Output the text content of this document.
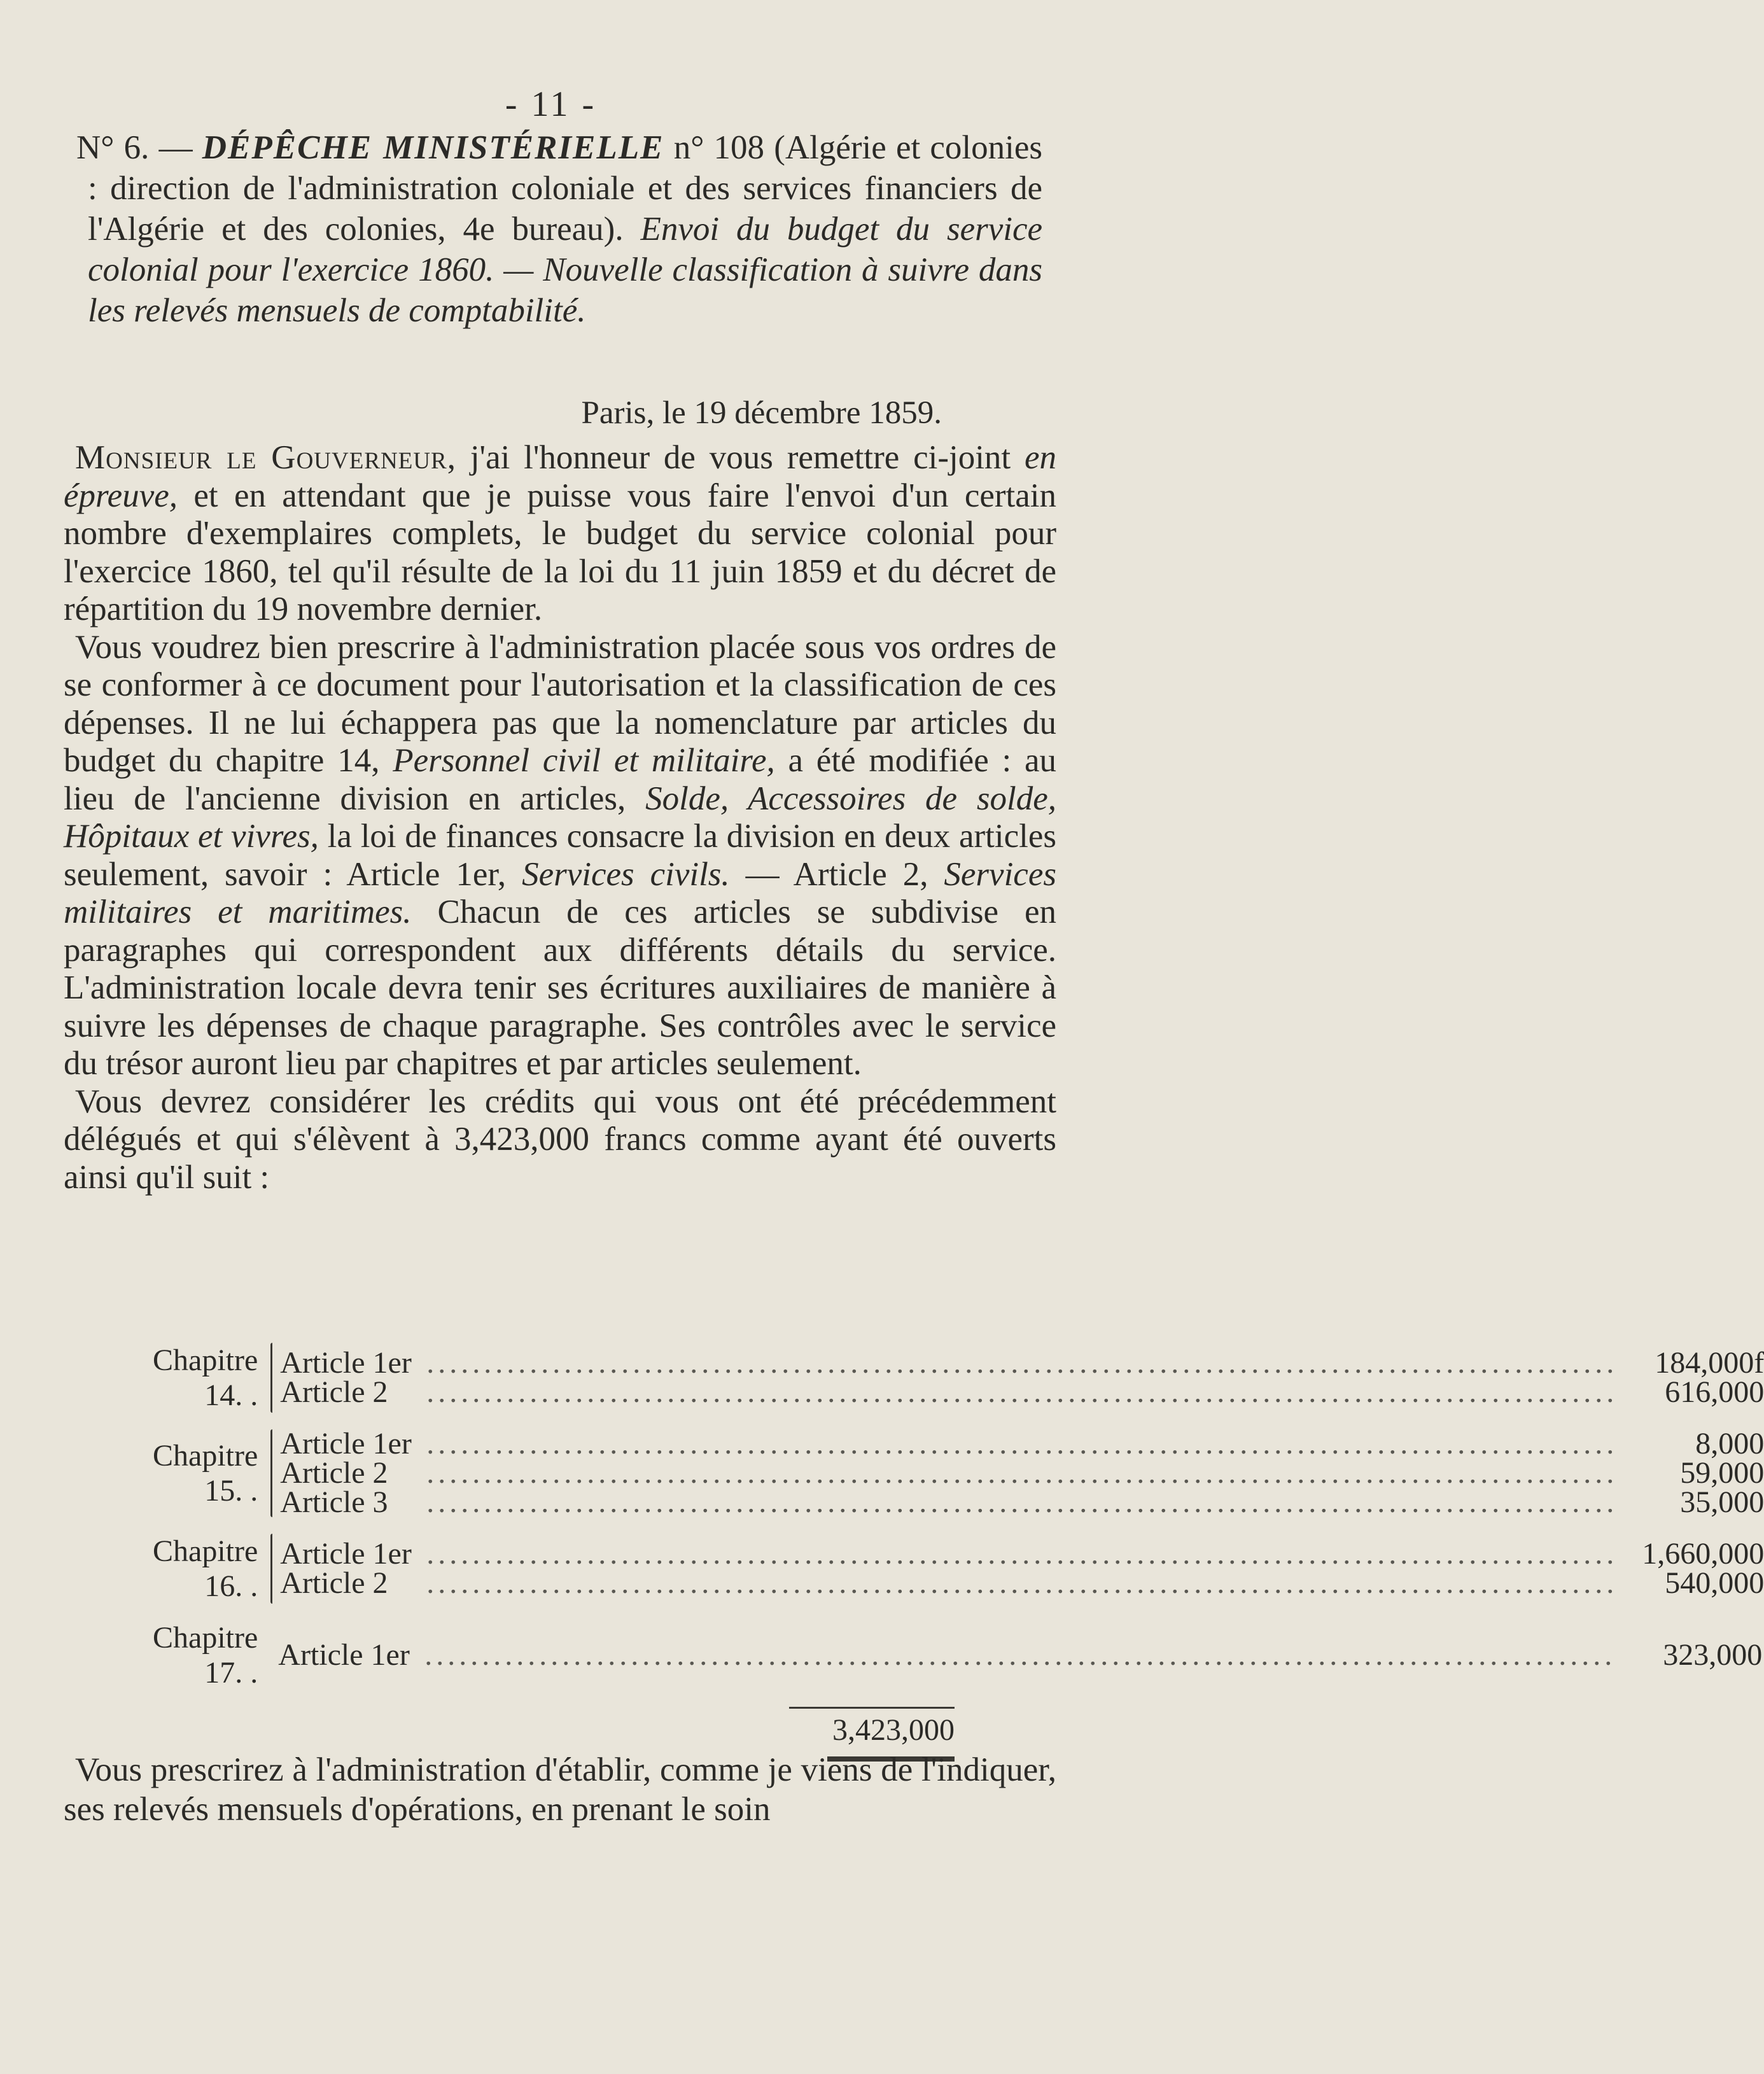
- 11 -
N° 6. — DÉPÊCHE MINISTÉRIELLE n° 108 (Algérie et colonies : direction de l'administration coloniale et des services financiers de l'Algérie et des colonies, 4e bureau). Envoi du budget du service colonial pour l'exercice 1860. — Nouvelle classification à suivre dans les relevés mensuels de comptabilité.
Paris, le 19 décembre 1859.

Monsieur le Gouverneur, j'ai l'honneur de vous remettre ci-joint en épreuve, et en attendant que je puisse vous faire l'envoi d'un certain nombre d'exemplaires complets, le budget du service colonial pour l'exercice 1860, tel qu'il résulte de la loi du 11 juin 1859 et du décret de répartition du 19 novembre dernier.

Vous voudrez bien prescrire à l'administration placée sous vos ordres de se conformer à ce document pour l'autorisation et la classification de ces dépenses. Il ne lui échappera pas que la nomenclature par articles du budget du chapitre 14, Personnel civil et militaire, a été modifiée : au lieu de l'ancienne division en articles, Solde, Accessoires de solde, Hôpitaux et vivres, la loi de finances consacre la division en deux articles seulement, savoir : Article 1er, Services civils. — Article 2, Services militaires et maritimes. Chacun de ces articles se subdivise en paragraphes qui correspondent aux différents détails du service. L'administration locale devra tenir ses écritures auxiliaires de manière à suivre les dépenses de chaque paragraphe. Ses contrôles avec le service du trésor auront lieu par chapitres et par articles seulement.

Vous devrez considérer les crédits qui vous ont été précédemment délégués et qui s'élèvent à 3,423,000 francs comme ayant été ouverts ainsi qu'il suit :

Chapitre 14. .
Article 1er .....	184,000f
Article 2 .....	616,000
Chapitre 15. .
Article 1er .....	8,000
Article 2 .....	59,000
Article 3 .....	35,000
Chapitre 16. .
Article 1er .....	1,660,000
Article 2 .....	540,000
Chapitre 17. .
Article 1er .....	323,000
3,423,000
Vous prescrirez à l'administration d'établir, comme je viens de l'indiquer, ses relevés mensuels d'opérations, en prenant le soin
